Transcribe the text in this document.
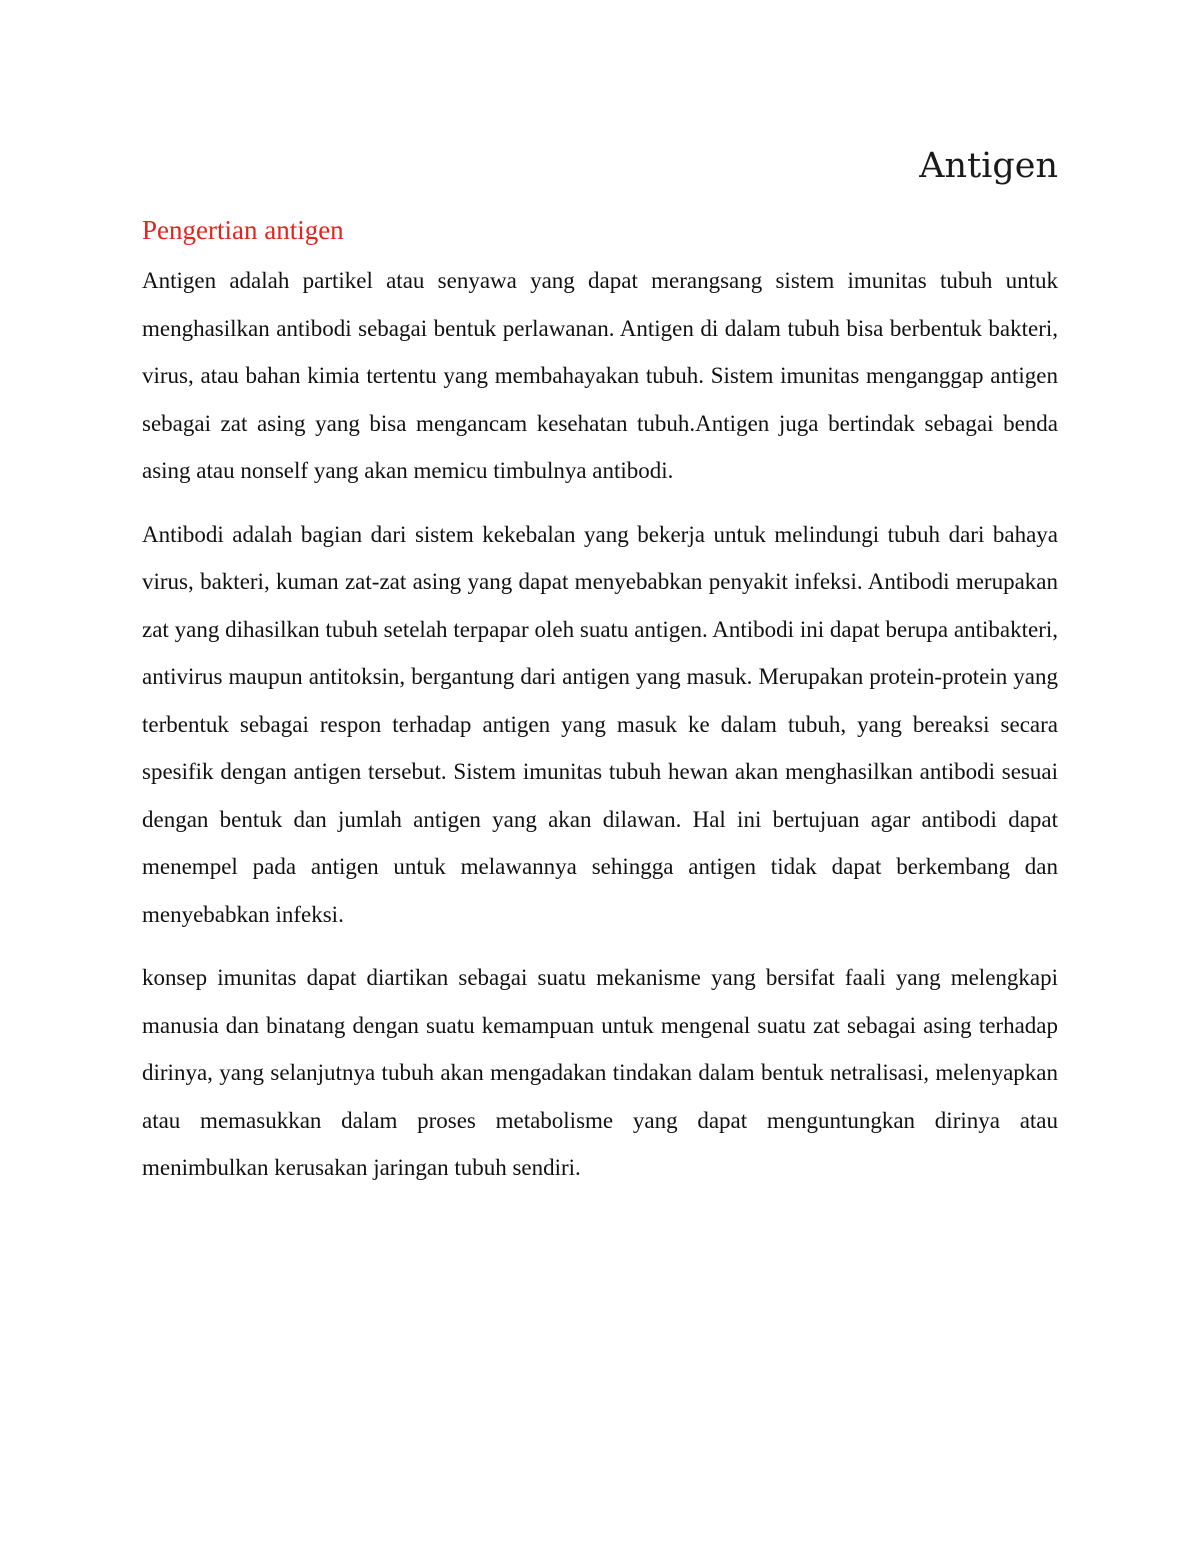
Antigen
Pengertian antigen

Antigen adalah partikel atau senyawa yang dapat merangsang sistem imunitas tubuh untuk menghasilkan antibodi sebagai bentuk perlawanan. Antigen di dalam tubuh bisa berbentuk bakteri, virus, atau bahan kimia tertentu yang membahayakan tubuh. Sistem imunitas menganggap antigen sebagai zat asing yang bisa mengancam kesehatan tubuh.Antigen juga bertindak sebagai benda asing atau nonself yang akan memicu timbulnya antibodi.

Antibodi adalah bagian dari sistem kekebalan yang bekerja untuk melindungi tubuh dari bahaya virus, bakteri, kuman zat-zat asing yang dapat menyebabkan penyakit infeksi. Antibodi merupakan zat yang dihasilkan tubuh setelah terpapar oleh suatu antigen. Antibodi ini dapat berupa antibakteri, antivirus maupun antitoksin, bergantung dari antigen yang masuk. Merupakan protein-protein yang terbentuk sebagai respon terhadap antigen yang masuk ke dalam tubuh, yang bereaksi secara spesifik dengan antigen tersebut. Sistem imunitas tubuh hewan akan menghasilkan antibodi sesuai dengan bentuk dan jumlah antigen yang akan dilawan. Hal ini bertujuan agar antibodi dapat menempel pada antigen untuk melawannya sehingga antigen tidak dapat berkembang dan menyebabkan infeksi.

konsep imunitas dapat diartikan sebagai suatu mekanisme yang bersifat faali yang melengkapi manusia dan binatang dengan suatu kemampuan untuk mengenal suatu zat sebagai asing terhadap dirinya, yang selanjutnya tubuh akan mengadakan tindakan dalam bentuk netralisasi, melenyapkan atau memasukkan dalam proses metabolisme yang dapat menguntungkan dirinya atau menimbulkan kerusakan jaringan tubuh sendiri.
